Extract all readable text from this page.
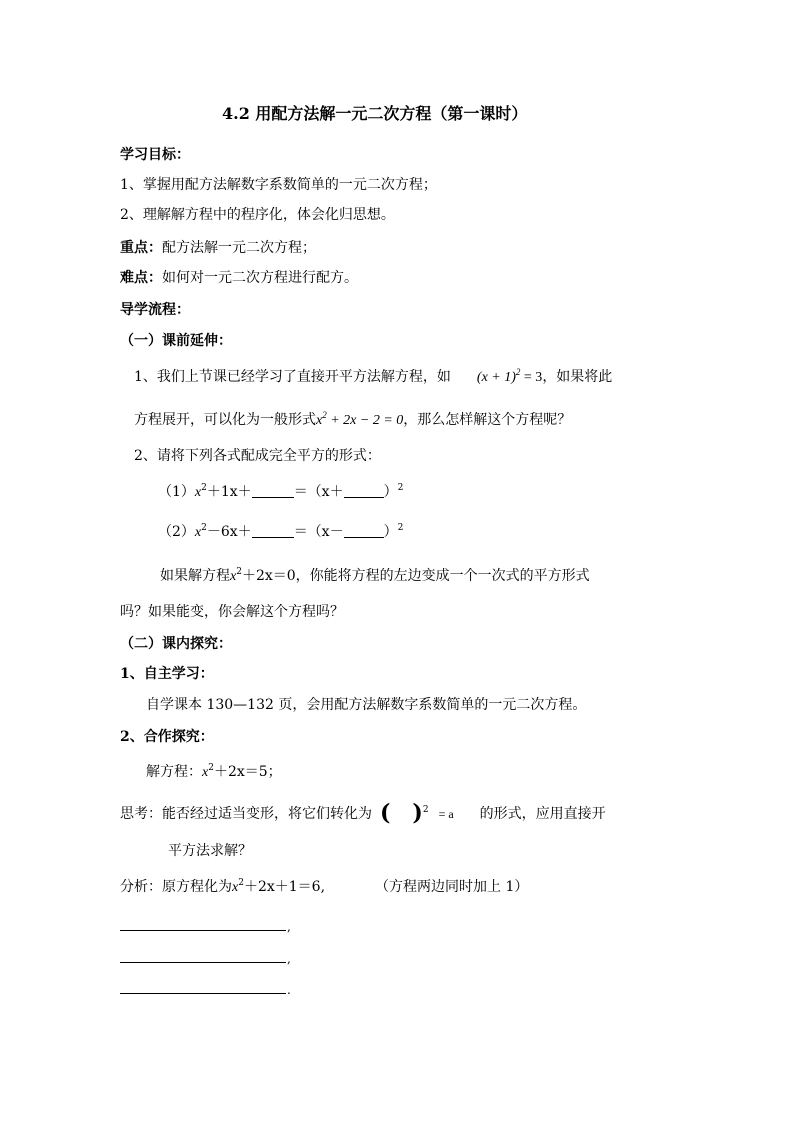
4.2 用配方法解一元二次方程（第一课时）
学习目标：
1、掌握用配方法解数字系数简单的一元二次方程；
2、理解解方程中的程序化，体会化归思想。
重点：配方法解一元二次方程；
难点：如何对一元二次方程进行配方。
导学流程：
（一）课前延伸：
1、我们上节课已经学习了直接开平方法解方程，如 $(x + 1)^2 = 3$，如果将此
方程展开，可以化为一般形式$x^2 + 2x - 2 = 0$，那么怎样解这个方程呢？
2、请将下列各式配成完全平方的形式：
$(1)x^2+1x+$	＝（x＋	）$^2$
$(2)x^2-6x+$	＝（x－	）$^2$
如果解方程$x^2+2x=0$，你能将方程的左边变成一个一次式的平方形式
吗？如果能变，你会解这个方程吗？
（二）课内探究：
1、自主学习：
自学课本 130—132 页，会用配方法解数字系数简单的一元二次方程。
2、合作探究：
解方程：$x^2+2x=5$；
思考：能否经过适当变形，将它们转化为 ( )$^2$ = a 的形式，应用直接开
平方法求解？
分析：原方程化为$x^2+2x+1=6$,	（方程两边同时加上 1）
,
,
.
